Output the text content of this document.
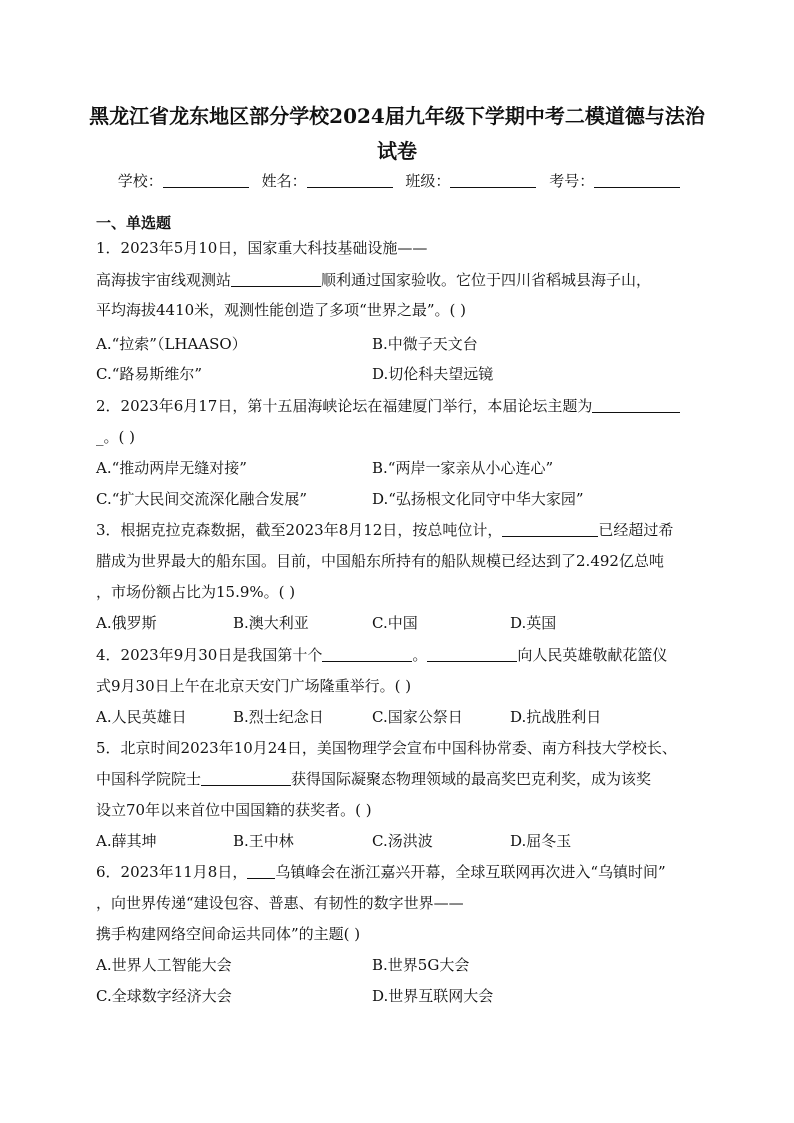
黑龙江省龙东地区部分学校2024届九年级下学期中考二模道德与法治
试卷
学校：	姓名：	班级：	考号：
一、单选题
1．2023年5月10日，国家重大科技基础设施——
高海拔宇宙线观测站	顺利通过国家验收。它位于四川省稻城县海子山，
平均海拔4410米，观测性能创造了多项“世界之最”。( )
A.“拉索”（LHAASO）	B.中微子天文台
C.“路易斯维尔”	D.切伦科夫望远镜
2．2023年6月17日，第十五届海峡论坛在福建厦门举行，本届论坛主题为
_。( )
A.“推动两岸无缝对接”	B.“两岸一家亲从小心连心”
C.“扩大民间交流深化融合发展”	D.“弘扬根文化同守中华大家园”
3．根据克拉克森数据，截至2023年8月12日，按总吨位计，	已经超过希
腊成为世界最大的船东国。目前，中国船东所持有的船队规模已经达到了2.492亿总吨
，市场份额占比为15.9%。( )
A.俄罗斯	B.澳大利亚	C.中国	D.英国
4．2023年9月30日是我国第十个	。	向人民英雄敬献花篮仪
式9月30日上午在北京天安门广场隆重举行。( )
A.人民英雄日	B.烈士纪念日	C.国家公祭日	D.抗战胜利日
5．北京时间2023年10月24日，美国物理学会宣布中国科协常委、南方科技大学校长、
中国科学院院士	获得国际凝聚态物理领域的最高奖巴克利奖，成为该奖
设立70年以来首位中国国籍的获奖者。( )
A.薛其坤	B.王中林	C.汤洪波	D.屈冬玉
6．2023年11月8日， 乌镇峰会在浙江嘉兴开幕，全球互联网再次进入“乌镇时间”
，向世界传递“建设包容、普惠、有韧性的数字世界——
携手构建网络空间命运共同体”的主题( )
A.世界人工智能大会	B.世界5G大会
C.全球数字经济大会	D.世界互联网大会
